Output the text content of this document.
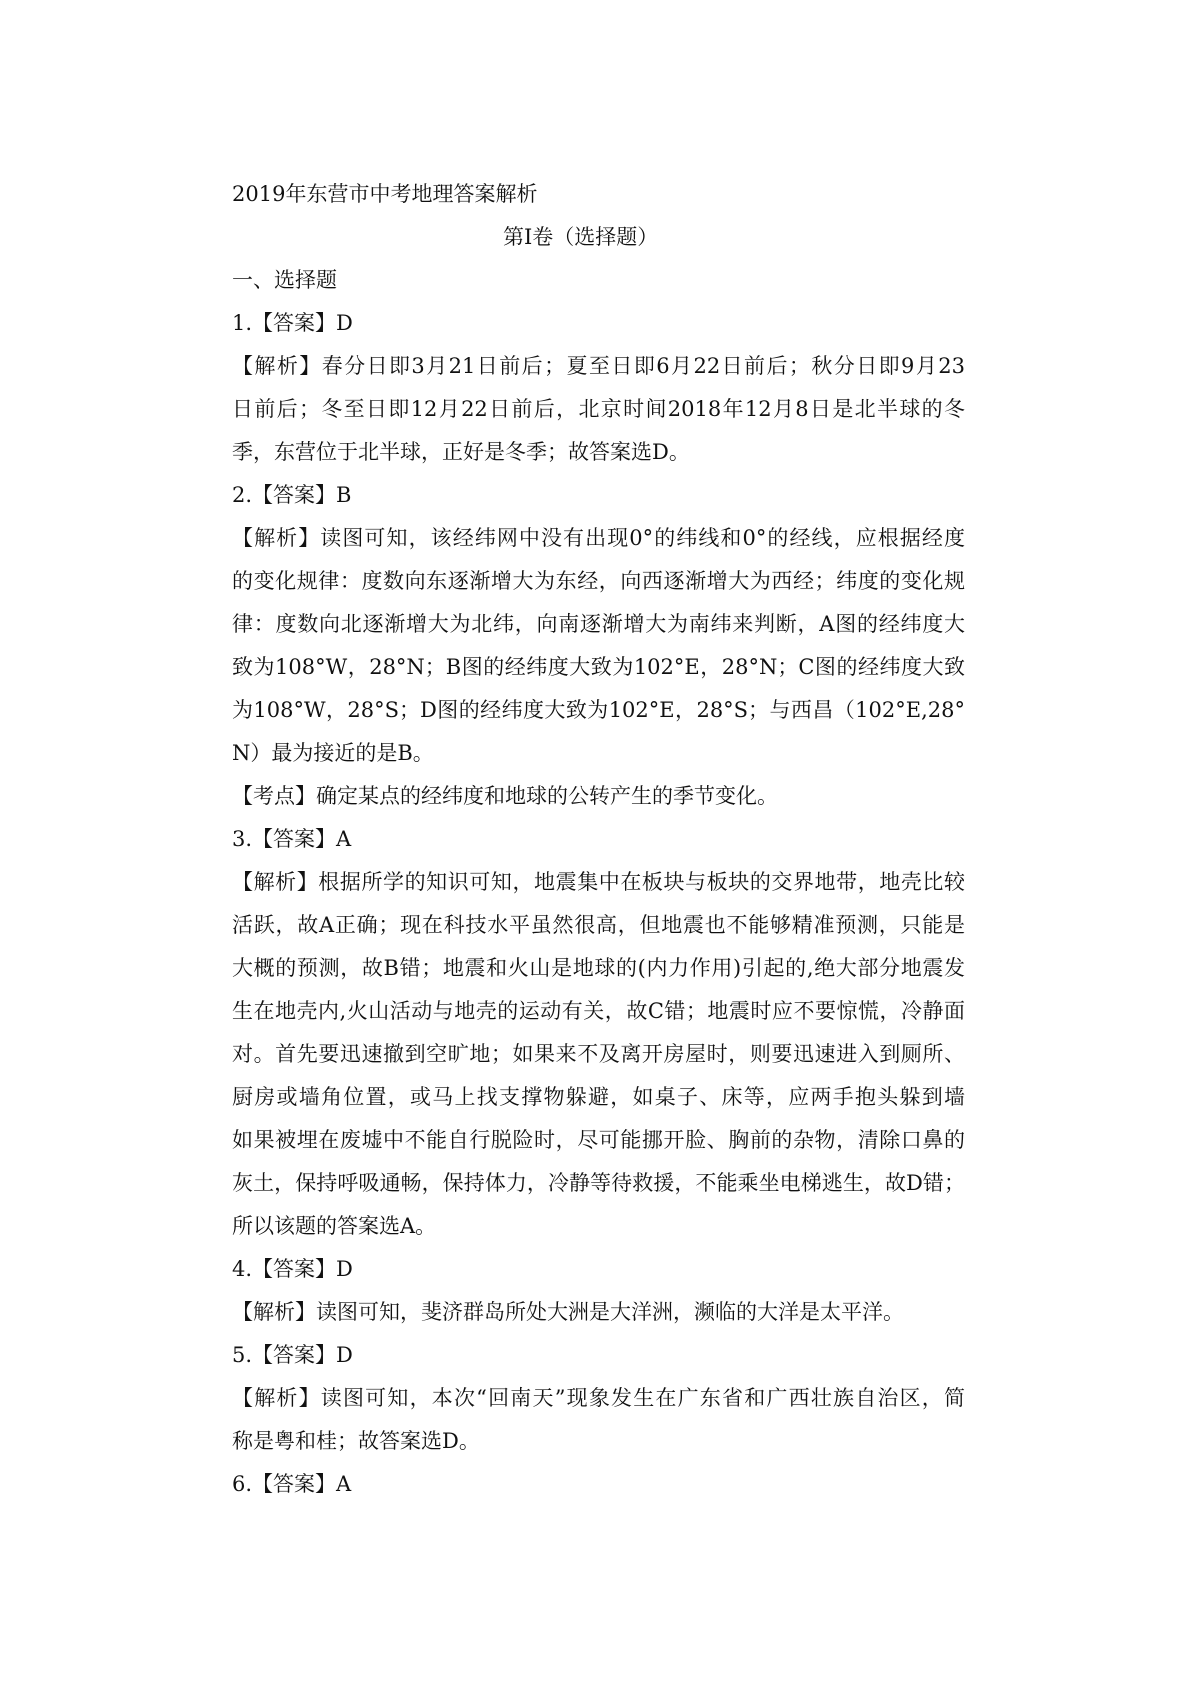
2019年东营市中考地理答案解析
第Ⅰ卷（选择题）
一、选择题
1.【答案】D
【解析】春分日即3月21日前后；夏至日即6月22日前后；秋分日即9月23
日前后；冬至日即12月22日前后，北京时间2018年12月8日是北半球的冬
季，东营位于北半球，正好是冬季；故答案选D。
2.【答案】B
【解析】读图可知，该经纬网中没有出现0°的纬线和0°的经线，应根据经度
的变化规律：度数向东逐渐增大为东经，向西逐渐增大为西经；纬度的变化规
律：度数向北逐渐增大为北纬，向南逐渐增大为南纬来判断，A图的经纬度大
致为108°W，28°N；B图的经纬度大致为102°E，28°N；C图的经纬度大致
为108°W，28°S；D图的经纬度大致为102°E，28°S；与西昌（102°E,28°
N）最为接近的是B。
【考点】确定某点的经纬度和地球的公转产生的季节变化。
3.【答案】A
【解析】根据所学的知识可知，地震集中在板块与板块的交界地带，地壳比较
活跃，故A正确；现在科技水平虽然很高，但地震也不能够精准预测，只能是
大概的预测，故B错；地震和火山是地球的(内力作用)引起的,绝大部分地震发
生在地壳内,火山活动与地壳的运动有关，故C错；地震时应不要惊慌，冷静面
对。首先要迅速撤到空旷地；如果来不及离开房屋时，则要迅速进入到厕所、
厨房或墙角位置，或马上找支撑物躲避，如桌子、床等，应两手抱头躲到墙
如果被埋在废墟中不能自行脱险时，尽可能挪开脸、胸前的杂物，清除口鼻的
灰土，保持呼吸通畅，保持体力，冷静等待救援，不能乘坐电梯逃生，故D错；
所以该题的答案选A。
4.【答案】D
【解析】读图可知，斐济群岛所处大洲是大洋洲，濒临的大洋是太平洋。
5.【答案】D
【解析】读图可知，本次“回南天”现象发生在广东省和广西壮族自治区，简
称是粤和桂；故答案选D。
6.【答案】A
